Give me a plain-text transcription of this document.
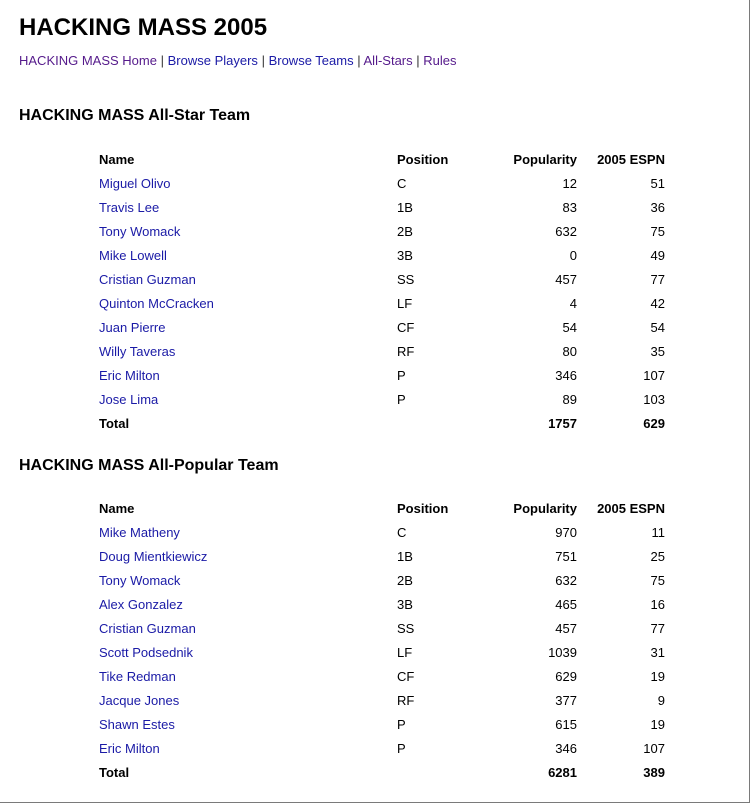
HACKING MASS 2005
HACKING MASS Home | Browse Players | Browse Teams | All-Stars | Rules
HACKING MASS All-Star Team
Name	Position	Popularity	2005 ESPN
Miguel Olivo	C	12	51
Travis Lee	1B	83	36
Tony Womack	2B	632	75
Mike Lowell	3B	0	49
Cristian Guzman	SS	457	77
Quinton McCracken	LF	4	42
Juan Pierre	CF	54	54
Willy Taveras	RF	80	35
Eric Milton	P	346	107
Jose Lima	P	89	103
Total		1757	629
HACKING MASS All-Popular Team
Name	Position	Popularity	2005 ESPN
Mike Matheny	C	970	11
Doug Mientkiewicz	1B	751	25
Tony Womack	2B	632	75
Alex Gonzalez	3B	465	16
Cristian Guzman	SS	457	77
Scott Podsednik	LF	1039	31
Tike Redman	CF	629	19
Jacque Jones	RF	377	9
Shawn Estes	P	615	19
Eric Milton	P	346	107
Total		6281	389
